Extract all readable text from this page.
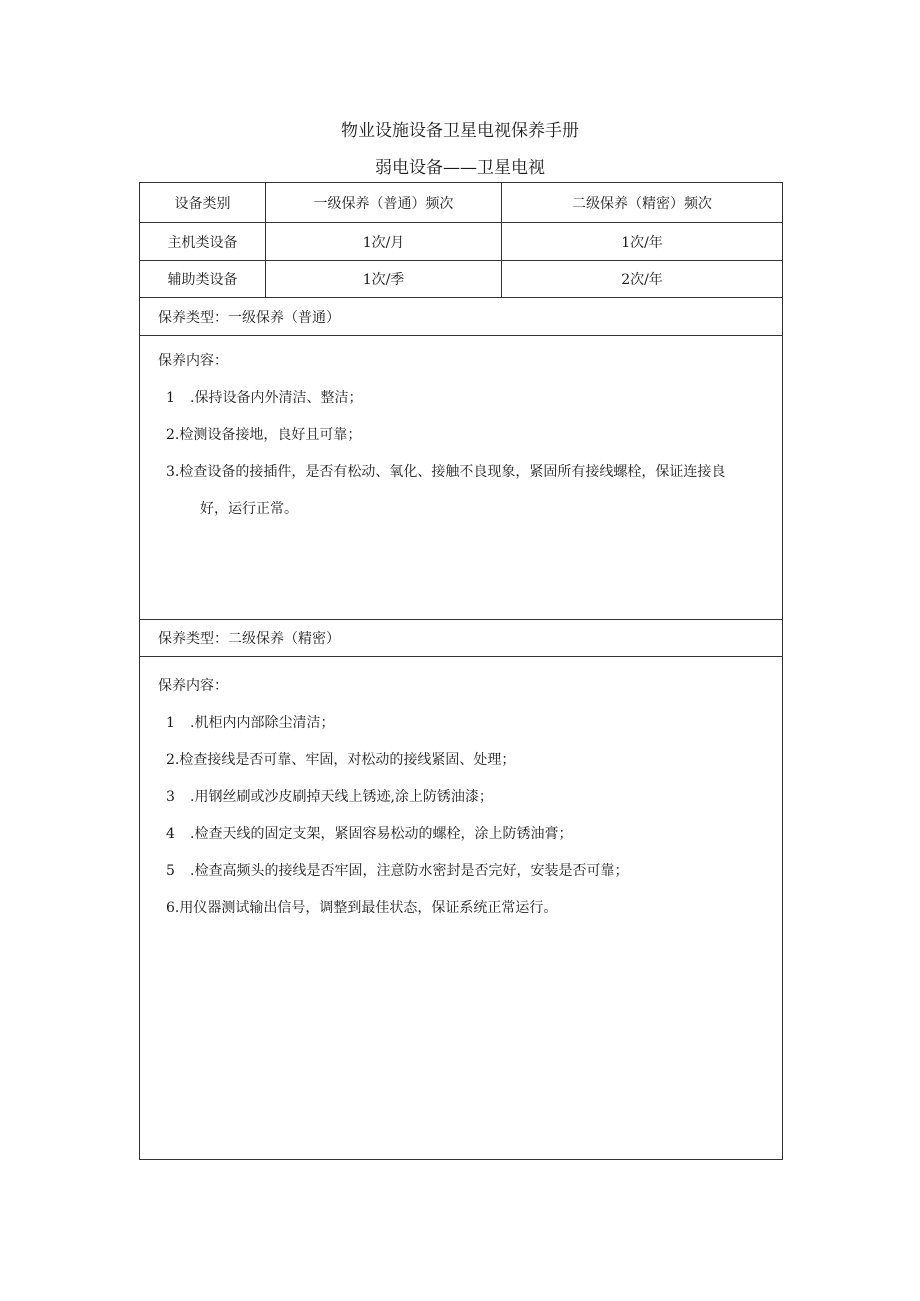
物业设施设备卫星电视保养手册
弱电设备——卫星电视
设备类别	一级保养（普通）频次	二级保养（精密）频次
主机类设备	1次/月	1次/年
辅助类设备	1次/季	2次/年
保养类型：一级保养（普通）
保养内容：
1 .保持设备内外清洁、整洁；
2.检测设备接地，良好且可靠；
3.检查设备的接插件，是否有松动、氧化、接触不良现象，紧固所有接线螺栓，保证连接良
好，运行正常。
保养类型：二级保养（精密）
保养内容：
1 .机柜内内部除尘清洁；
2.检查接线是否可靠、牢固，对松动的接线紧固、处理；
3 .用钢丝刷或沙皮刷掉天线上锈迹,涂上防锈油漆；
4 .检查天线的固定支架，紧固容易松动的螺栓，涂上防锈油膏；
5 .检查高频头的接线是否牢固，注意防水密封是否完好，安装是否可靠；
6.用仪器测试输出信号，调整到最佳状态，保证系统正常运行。
